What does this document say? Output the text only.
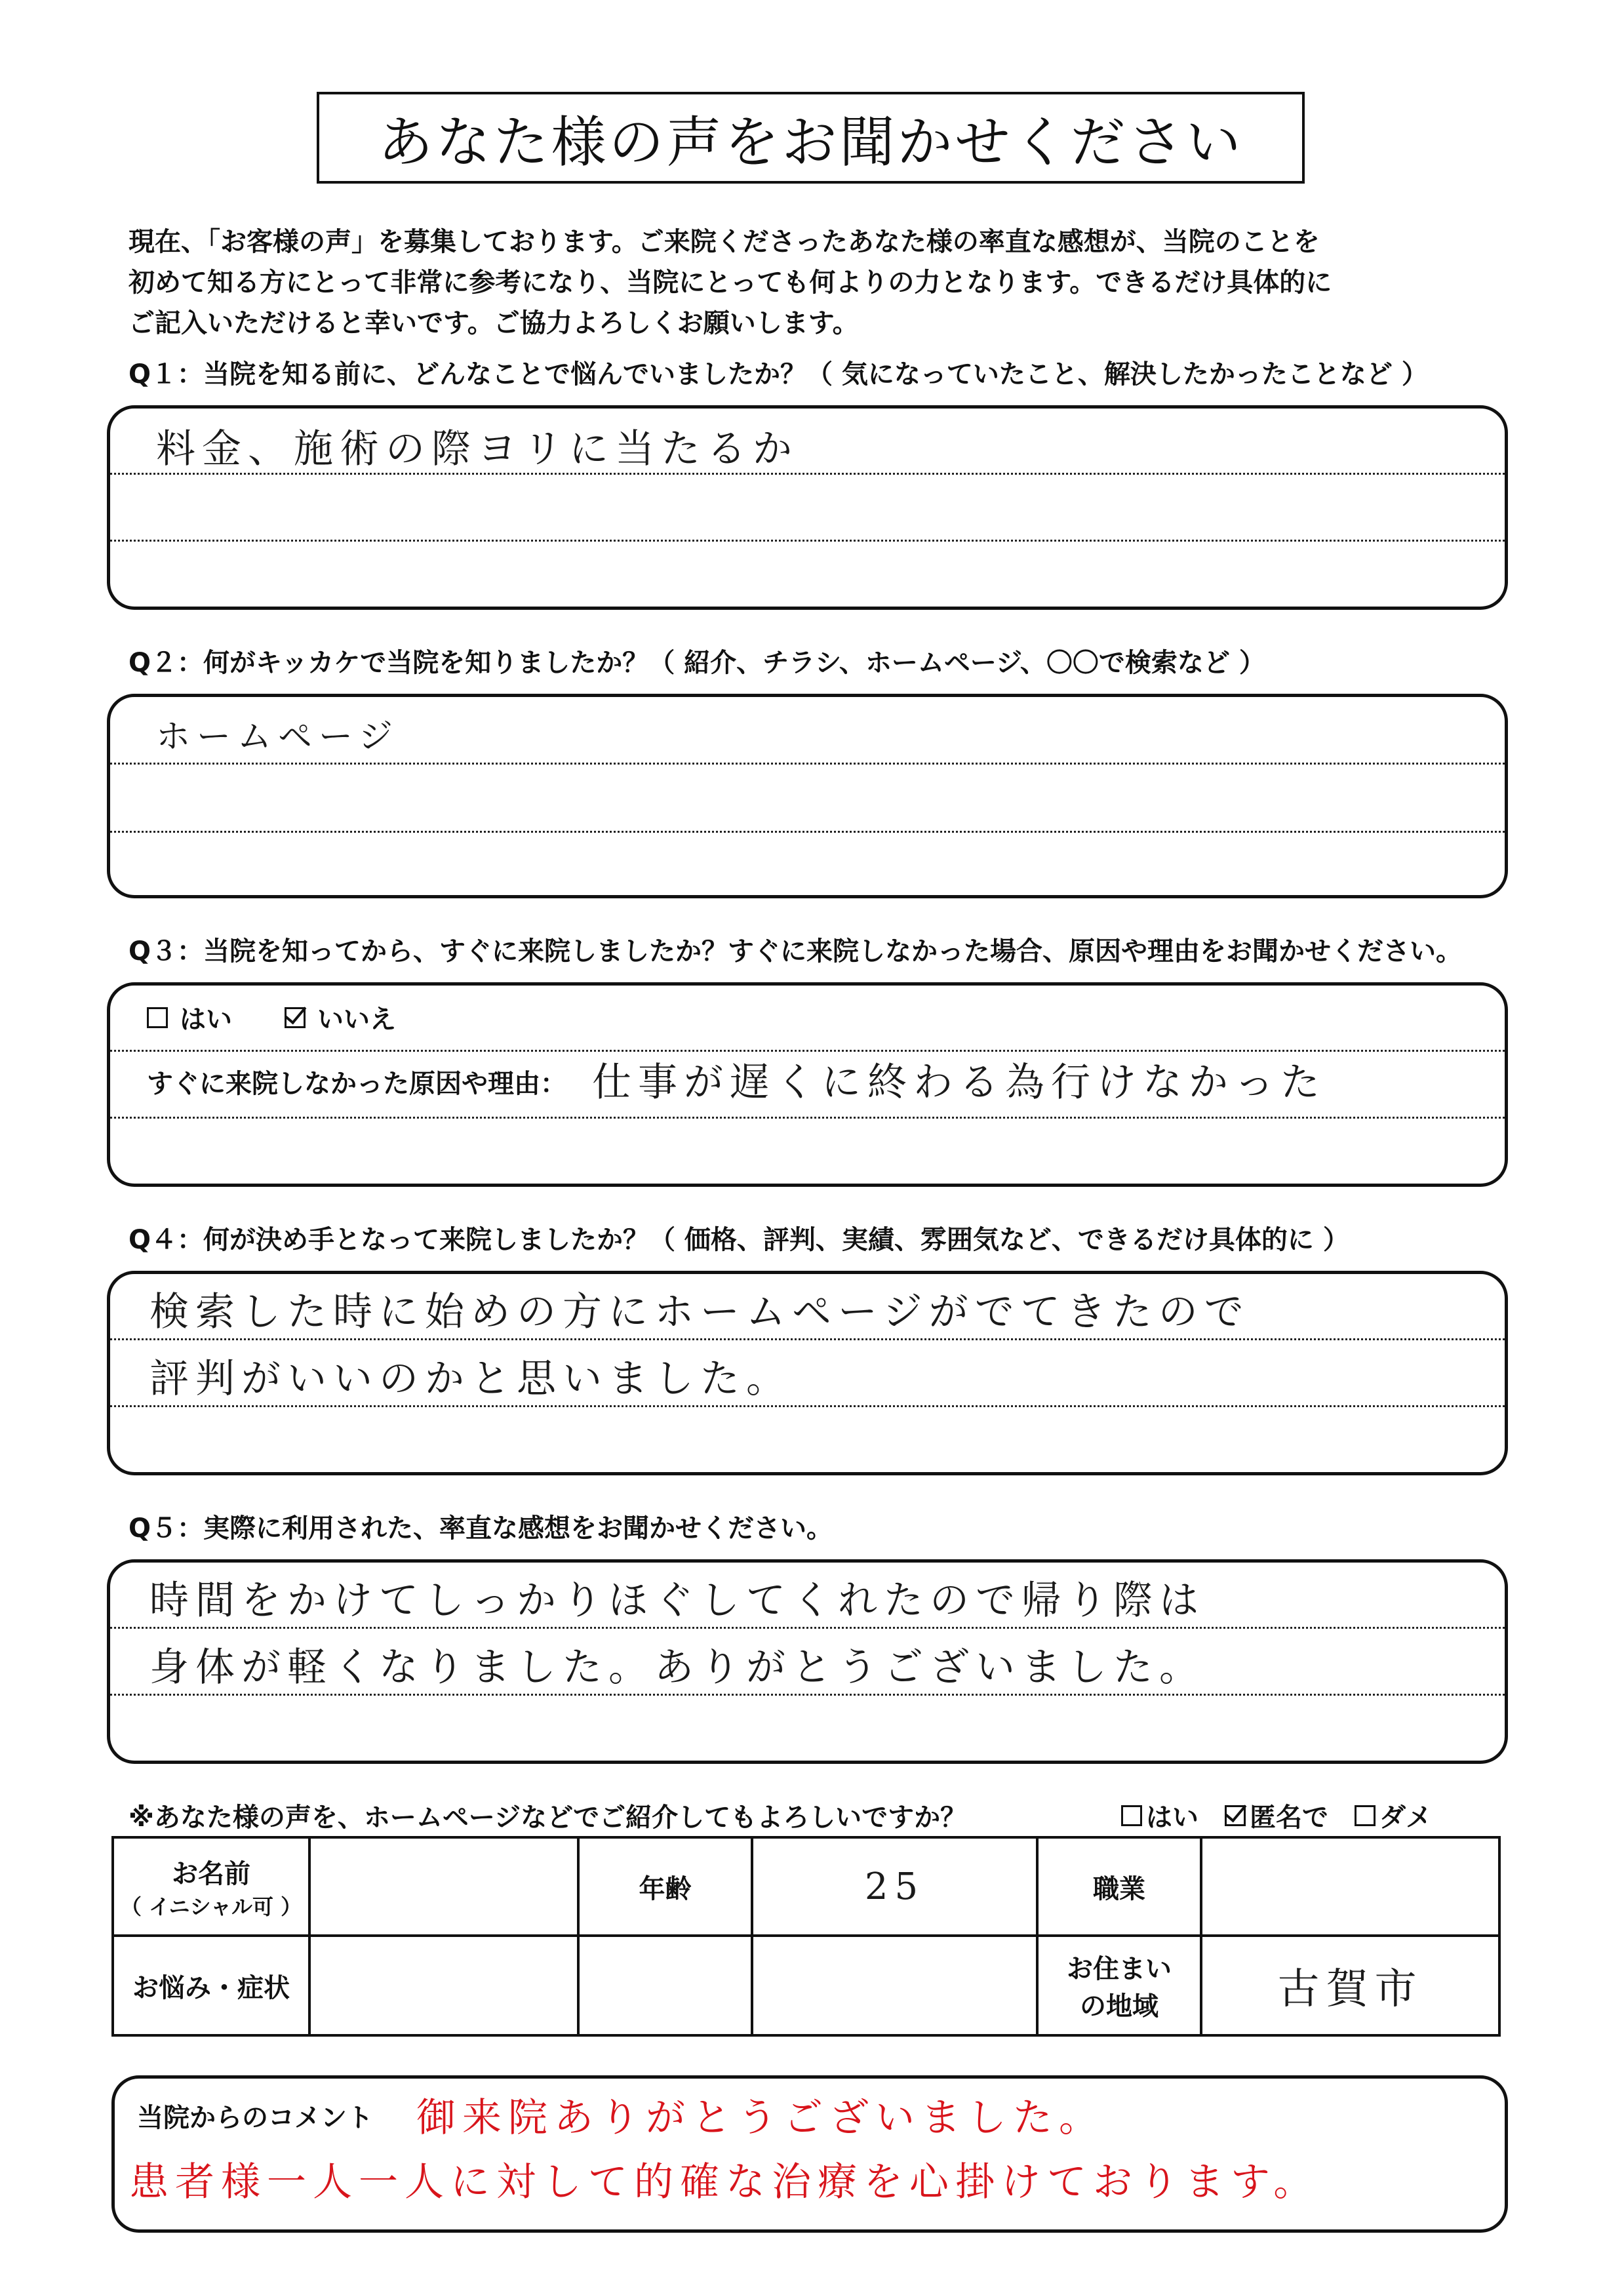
あなた様の声をお聞かせください
現在、「お客様の声」を募集しております。ご来院くださったあなた様の率直な感想が、当院のことを
初めて知る方にとって非常に参考になり、当院にとっても何よりの力となります。できるだけ具体的に
ご記入いただけると幸いです。ご協力よろしくお願いします。
Q１：当院を知る前に、どんなことで悩んでいましたか？（ 気になっていたこと、解決したかったことなど ）
料金、施術の際ヨリに当たるか
Q２：何がキッカケで当院を知りましたか？（ 紹介、チラシ、ホームページ、〇〇で検索など ）
ホームページ
Q３：当院を知ってから、すぐに来院しましたか？すぐに来院しなかった場合、原因や理由をお聞かせください。
はい	いいえ
すぐに来院しなかった原因や理由： 仕事が遅くに終わる為行けなかった
Q４：何が決め手となって来院しましたか？（ 価格、評判、実績、雰囲気など、できるだけ具体的に ）
検索した時に始めの方にホームページがでてきたので
評判がいいのかと思いました。
Q５：実際に利用された、率直な感想をお聞かせください。
時間をかけてしっかりほぐしてくれたので帰り際は
身体が軽くなりました。ありがとうございました。
※あなた様の声を、ホームページなどでご紹介してもよろしいですか？	はい 匿名で ダメ
お名前
（ イニシャル可 ）		年齢	25	職業	
お悩み・症状				お住まい
の地域	古賀市
当院からのコメント 御来院ありがとうございました。
患者様一人一人に対して的確な治療を心掛けております。
